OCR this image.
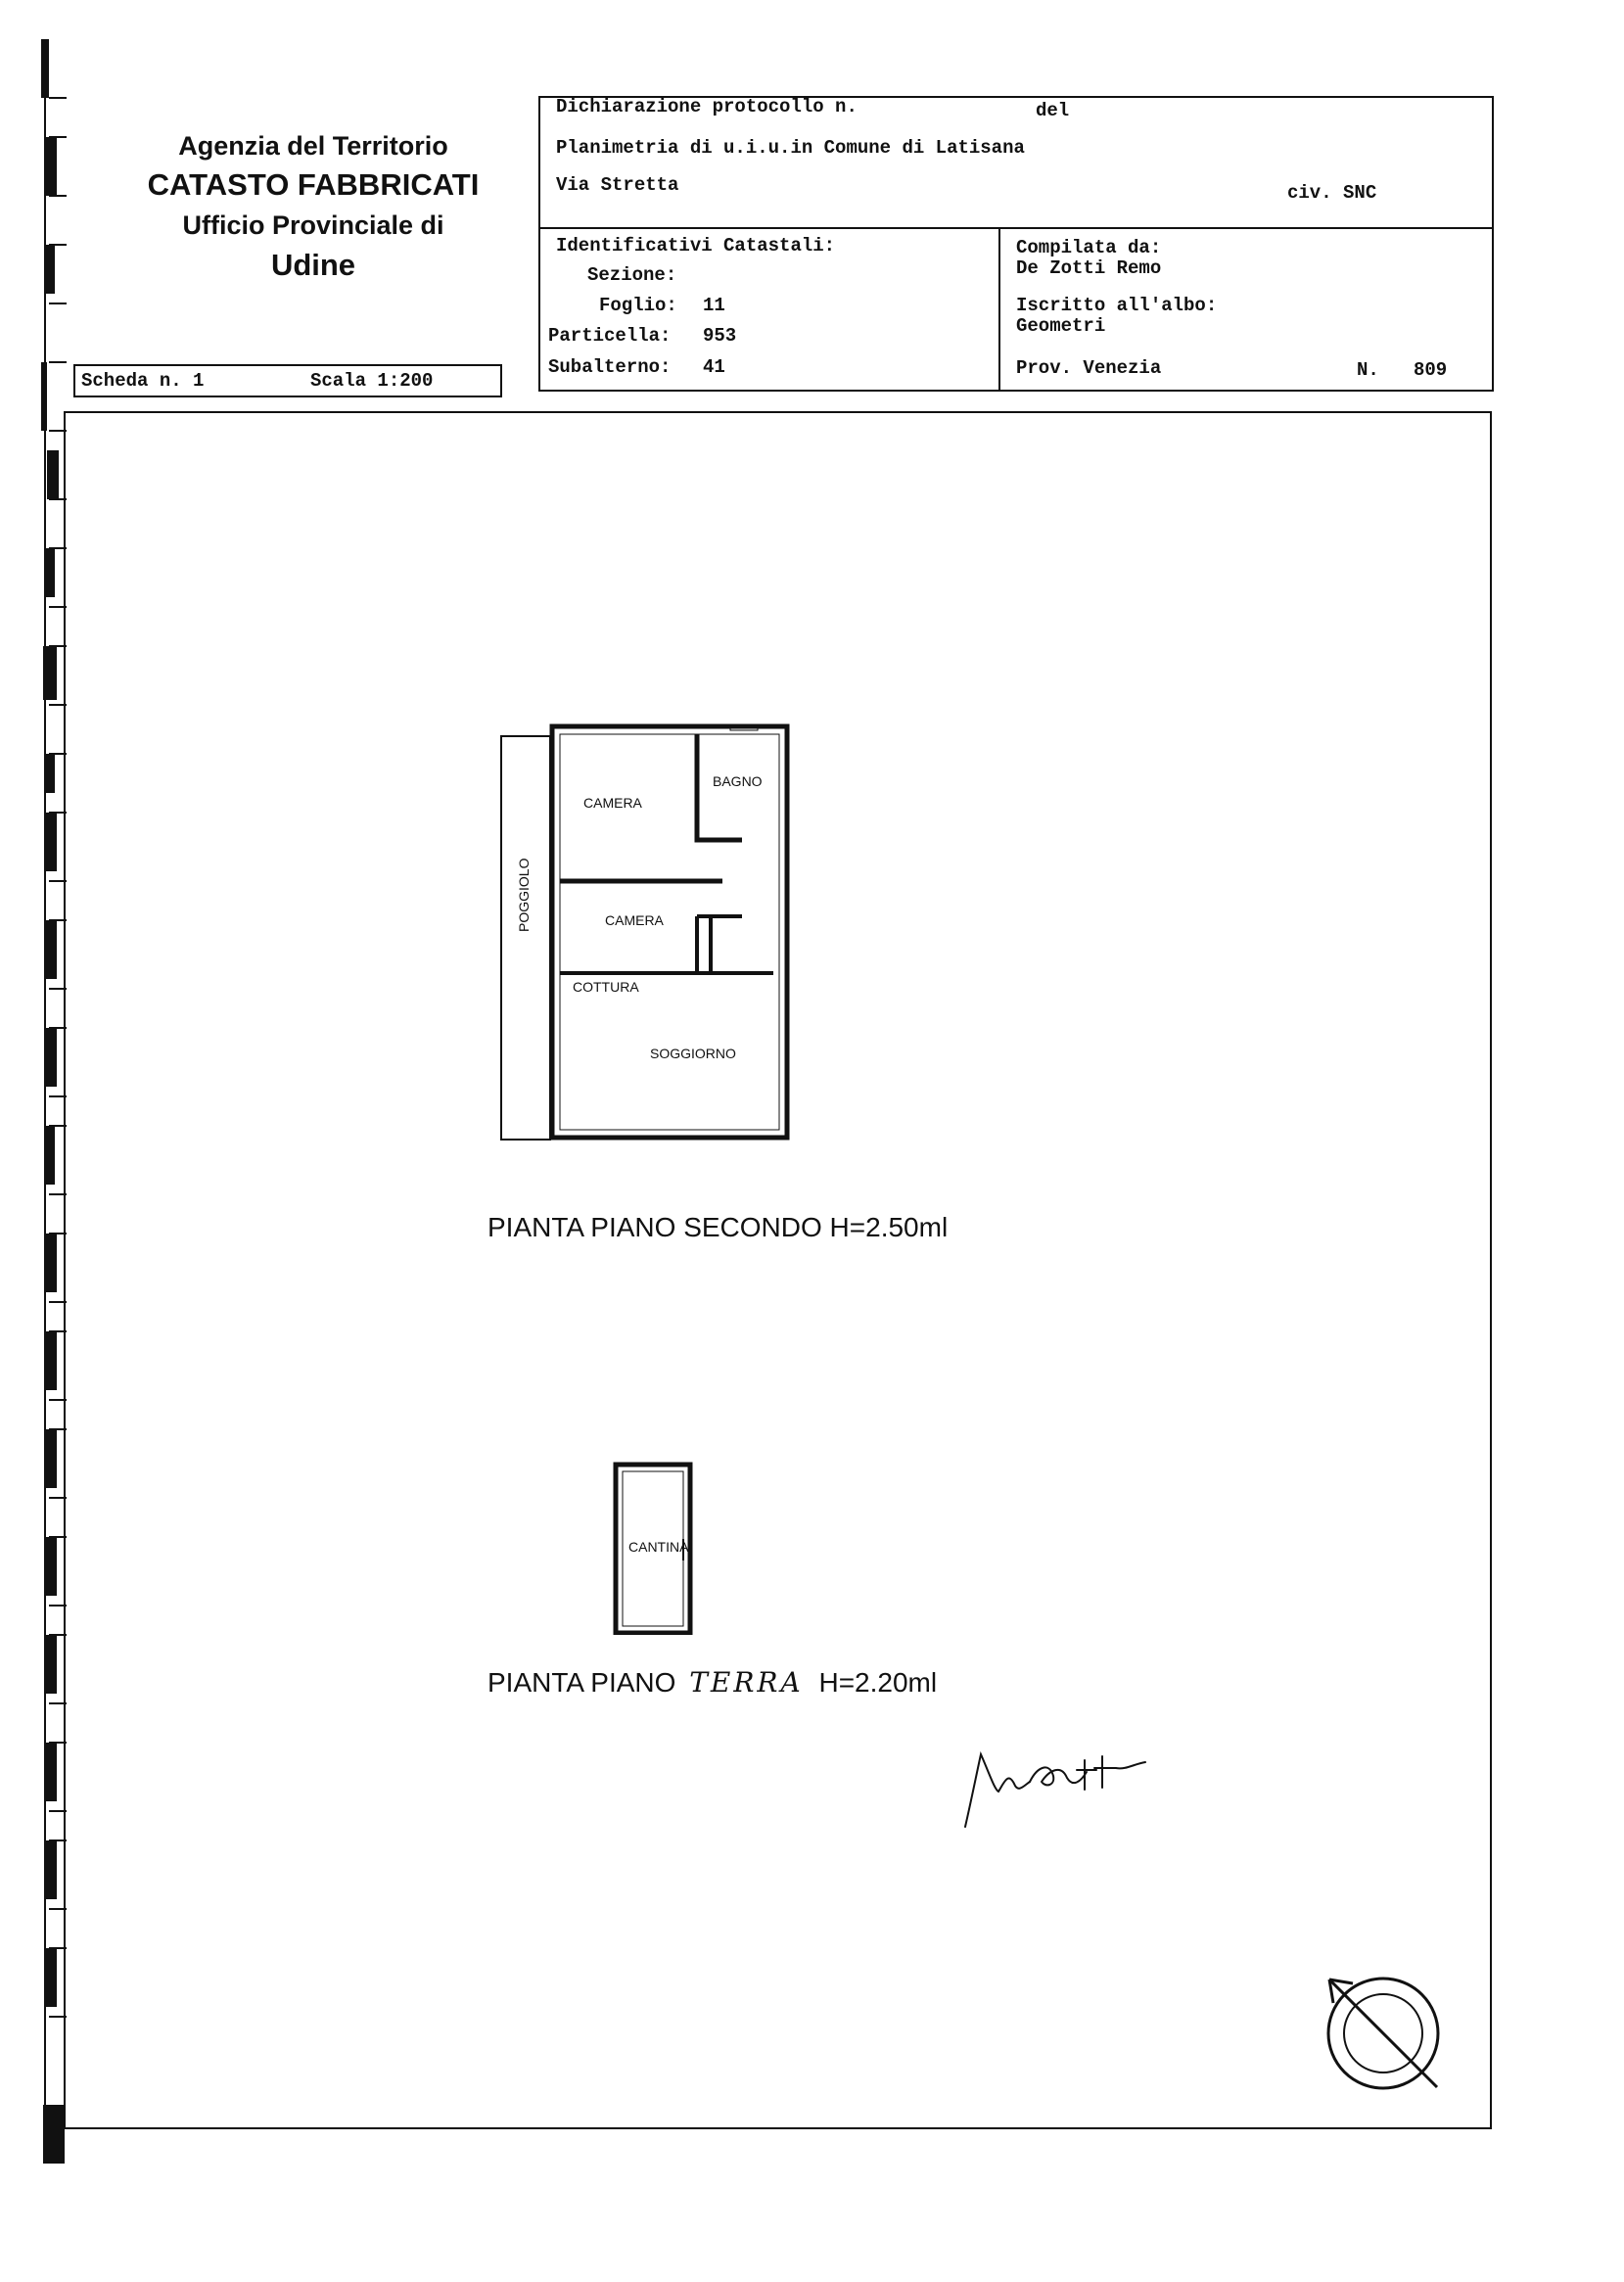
Agenzia del Territorio
CATASTO FABBRICATI
Ufficio Provinciale di
Udine
Scheda n. 1	Scala 1:200
Dichiarazione protocollo n.	del
Planimetria di u.i.u.in Comune di Latisana
Via Stretta	civ. SNC
Identificativi Catastali:
Sezione:
Foglio: 11
Particella: 953
Subalterno: 41
Compilata da:
De Zotti Remo
Iscritto all'albo:
Geometri
Prov. Venezia	N. 809
CAMERA
BAGNO
POGGIOLO	CAMERA
COTTURA
SOGGIORNO
PIANTA PIANO SECONDO H=2.50ml
CANTINA
PIANTA PIANO TERRA H=2.20ml
